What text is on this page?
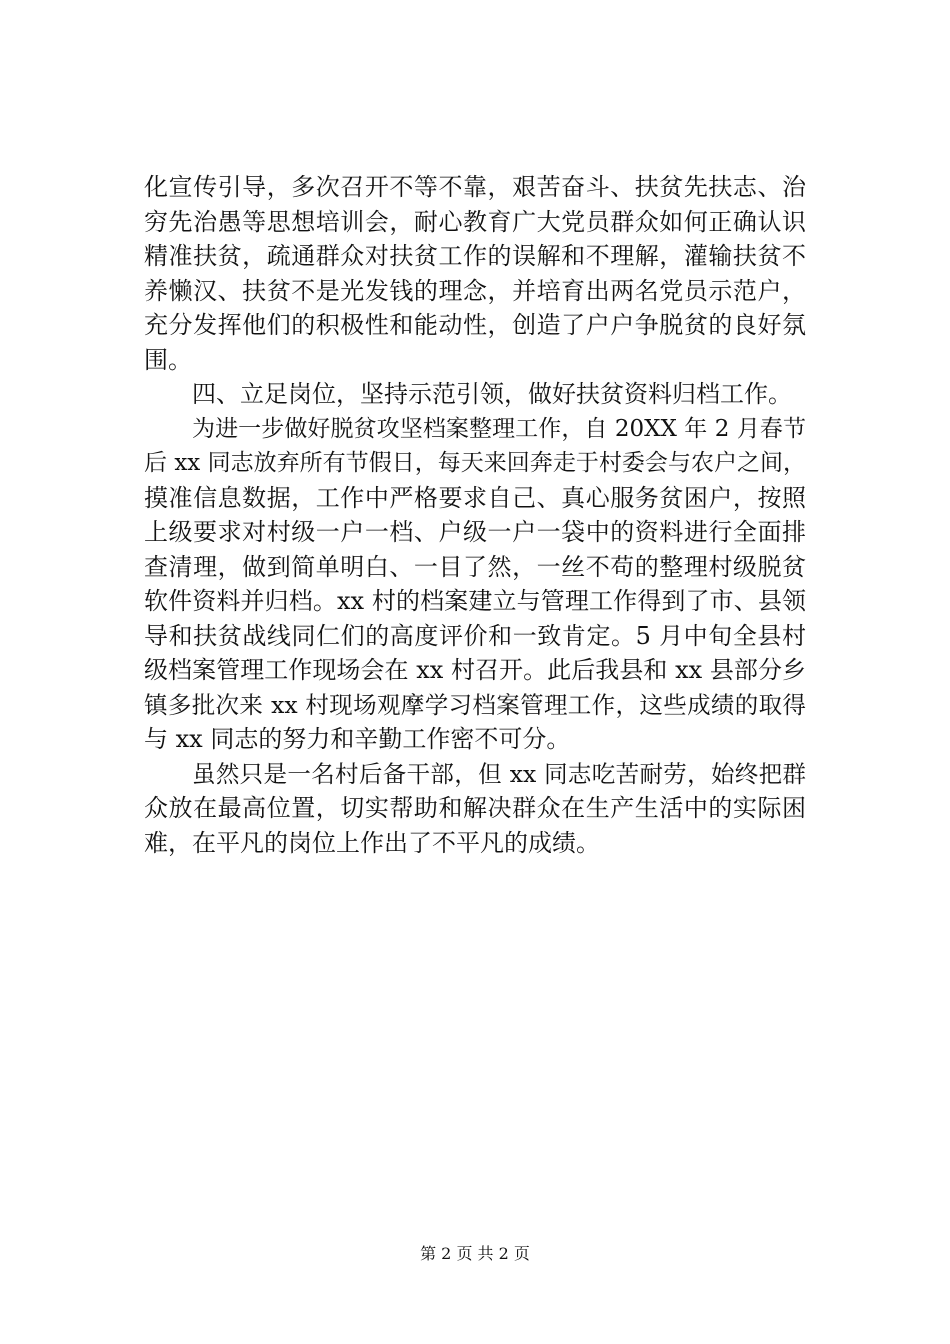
化宣传引导，多次召开不等不靠，艰苦奋斗、扶贫先扶志、治
穷先治愚等思想培训会，耐心教育广大党员群众如何正确认识
精准扶贫，疏通群众对扶贫工作的误解和不理解，灌输扶贫不
养懒汉、扶贫不是光发钱的理念，并培育出两名党员示范户，
充分发挥他们的积极性和能动性，创造了户户争脱贫的良好氛
围。
四、立足岗位，坚持示范引领，做好扶贫资料归档工作。
为进一步做好脱贫攻坚档案整理工作，自 20XX 年 2 月春节
后 xx 同志放弃所有节假日，每天来回奔走于村委会与农户之间，
摸准信息数据，工作中严格要求自己、真心服务贫困户，按照
上级要求对村级一户一档、户级一户一袋中的资料进行全面排
查清理，做到简单明白、一目了然，一丝不苟的整理村级脱贫
软件资料并归档。xx 村的档案建立与管理工作得到了市、县领
导和扶贫战线同仁们的高度评价和一致肯定。5 月中旬全县村
级档案管理工作现场会在 xx 村召开。此后我县和 xx 县部分乡
镇多批次来 xx 村现场观摩学习档案管理工作，这些成绩的取得
与 xx 同志的努力和辛勤工作密不可分。
虽然只是一名村后备干部，但 xx 同志吃苦耐劳，始终把群
众放在最高位置，切实帮助和解决群众在生产生活中的实际困
难，在平凡的岗位上作出了不平凡的成绩。
第 2 页 共 2 页
